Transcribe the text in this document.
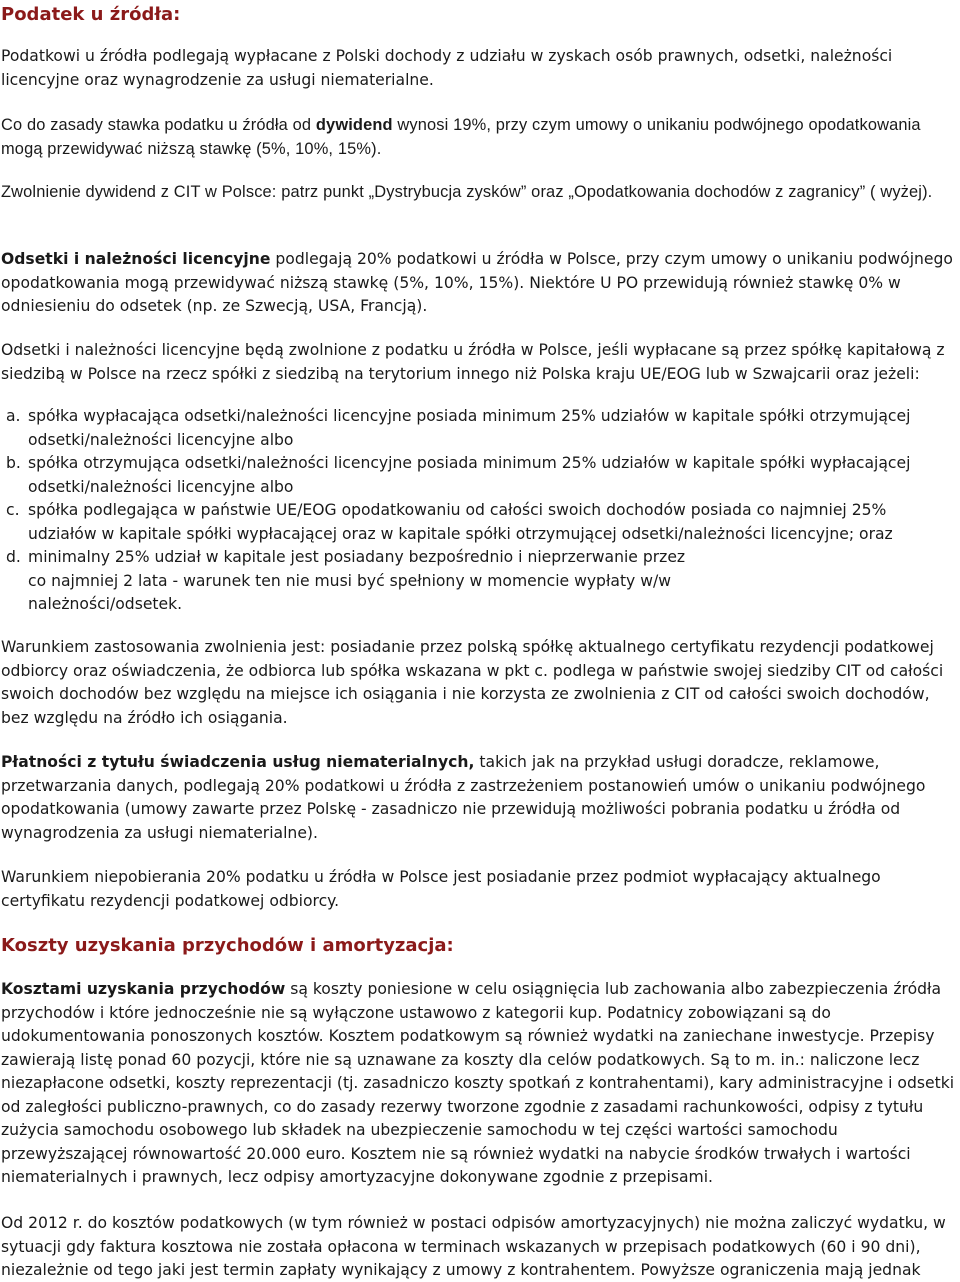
Podatek u źródła:

Podatkowi u źródła podlegają wypłacane z Polski dochody z udziału w zyskach osób prawnych, odsetki, należności licencyjne oraz wynagrodzenie za usługi niematerialne.

Co do zasady stawka podatku u źródła od dywidend wynosi 19%, przy czym umowy o unikaniu podwójnego opodatkowania mogą przewidywać niższą stawkę (5%, 10%, 15%).

Zwolnienie dywidend z CIT w Polsce: patrz punkt „Dystrybucja zysków” oraz „Opodatkowania dochodów z zagranicy” ( wyżej).

Odsetki i należności licencyjne podlegają 20% podatkowi u źródła w Polsce, przy czym umowy o unikaniu podwójnego opodatkowania mogą przewidywać niższą stawkę (5%, 10%, 15%). Niektóre U PO przewidują również stawkę 0% w odniesieniu do odsetek (np. ze Szwecją, USA, Francją).

Odsetki i należności licencyjne będą zwolnione z podatku u źródła w Polsce, jeśli wypłacane są przez spółkę kapitałową z siedzibą w Polsce na rzecz spółki z siedzibą na terytorium innego niż Polska kraju UE/EOG lub w Szwajcarii oraz jeżeli:

a. spółka wypłacająca odsetki/należności licencyjne posiada minimum 25% udziałów w kapitale spółki otrzymującej odsetki/należności licencyjne albo
b. spółka otrzymująca odsetki/należności licencyjne posiada minimum 25% udziałów w kapitale spółki wypłacającej odsetki/należności licencyjne albo
c. spółka podlegająca w państwie UE/EOG opodatkowaniu od całości swoich dochodów posiada co najmniej 25% udziałów w kapitale spółki wypłacającej oraz w kapitale spółki otrzymującej odsetki/należności licencyjne; oraz
d. minimalny 25% udział w kapitale jest posiadany bezpośrednio i nieprzerwanie przez
co najmniej 2 lata - warunek ten nie musi być spełniony w momencie wypłaty w/w
należności/odsetek.

Warunkiem zastosowania zwolnienia jest: posiadanie przez polską spółkę aktualnego certyfikatu rezydencji podatkowej odbiorcy oraz oświadczenia, że odbiorca lub spółka wskazana w pkt c. podlega w państwie swojej siedziby CIT od całości swoich dochodów bez względu na miejsce ich osiągania i nie korzysta ze zwolnienia z CIT od całości swoich dochodów, bez względu na źródło ich osiągania.

Płatności z tytułu świadczenia usług niematerialnych, takich jak na przykład usługi doradcze, reklamowe, przetwarzania danych, podlegają 20% podatkowi u źródła z zastrzeżeniem postanowień umów o unikaniu podwójnego opodatkowania (umowy zawarte przez Polskę - zasadniczo nie przewidują możliwości pobrania podatku u źródła od wynagrodzenia za usługi niematerialne).

Warunkiem niepobierania 20% podatku u źródła w Polsce jest posiadanie przez podmiot wypłacający aktualnego certyfikatu rezydencji podatkowej odbiorcy.

Koszty uzyskania przychodów i amortyzacja:

Kosztami uzyskania przychodów są koszty poniesione w celu osiągnięcia lub zachowania albo zabezpieczenia źródła przychodów i które jednocześnie nie są wyłączone ustawowo z kategorii kup. Podatnicy zobowiązani są do udokumentowania ponoszonych kosztów. Kosztem podatkowym są również wydatki na zaniechane inwestycje. Przepisy zawierają listę ponad 60 pozycji, które nie są uznawane za koszty dla celów podatkowych. Są to m. in.: naliczone lecz niezapłacone odsetki, koszty reprezentacji (tj. zasadniczo koszty spotkań z kontrahentami), kary administracyjne i odsetki od zaległości publiczno-prawnych, co do zasady rezerwy tworzone zgodnie z zasadami rachunkowości, odpisy z tytułu zużycia samochodu osobowego lub składek na ubezpieczenie samochodu w tej części wartości samochodu przewyższającej równowartość 20.000 euro. Kosztem nie są również wydatki na nabycie środków trwałych i wartości niematerialnych i prawnych, lecz odpisy amortyzacyjne dokonywane zgodnie z przepisami.

Od 2012 r. do kosztów podatkowych (w tym również w postaci odpisów amortyzacyjnych) nie można zaliczyć wydatku, w sytuacji gdy faktura kosztowa nie została opłacona w terminach wskazanych w przepisach podatkowych (60 i 90 dni), niezależnie od tego jaki jest termin zapłaty wynikający z umowy z kontrahentem. Powyższe ograniczenia mają jednak
